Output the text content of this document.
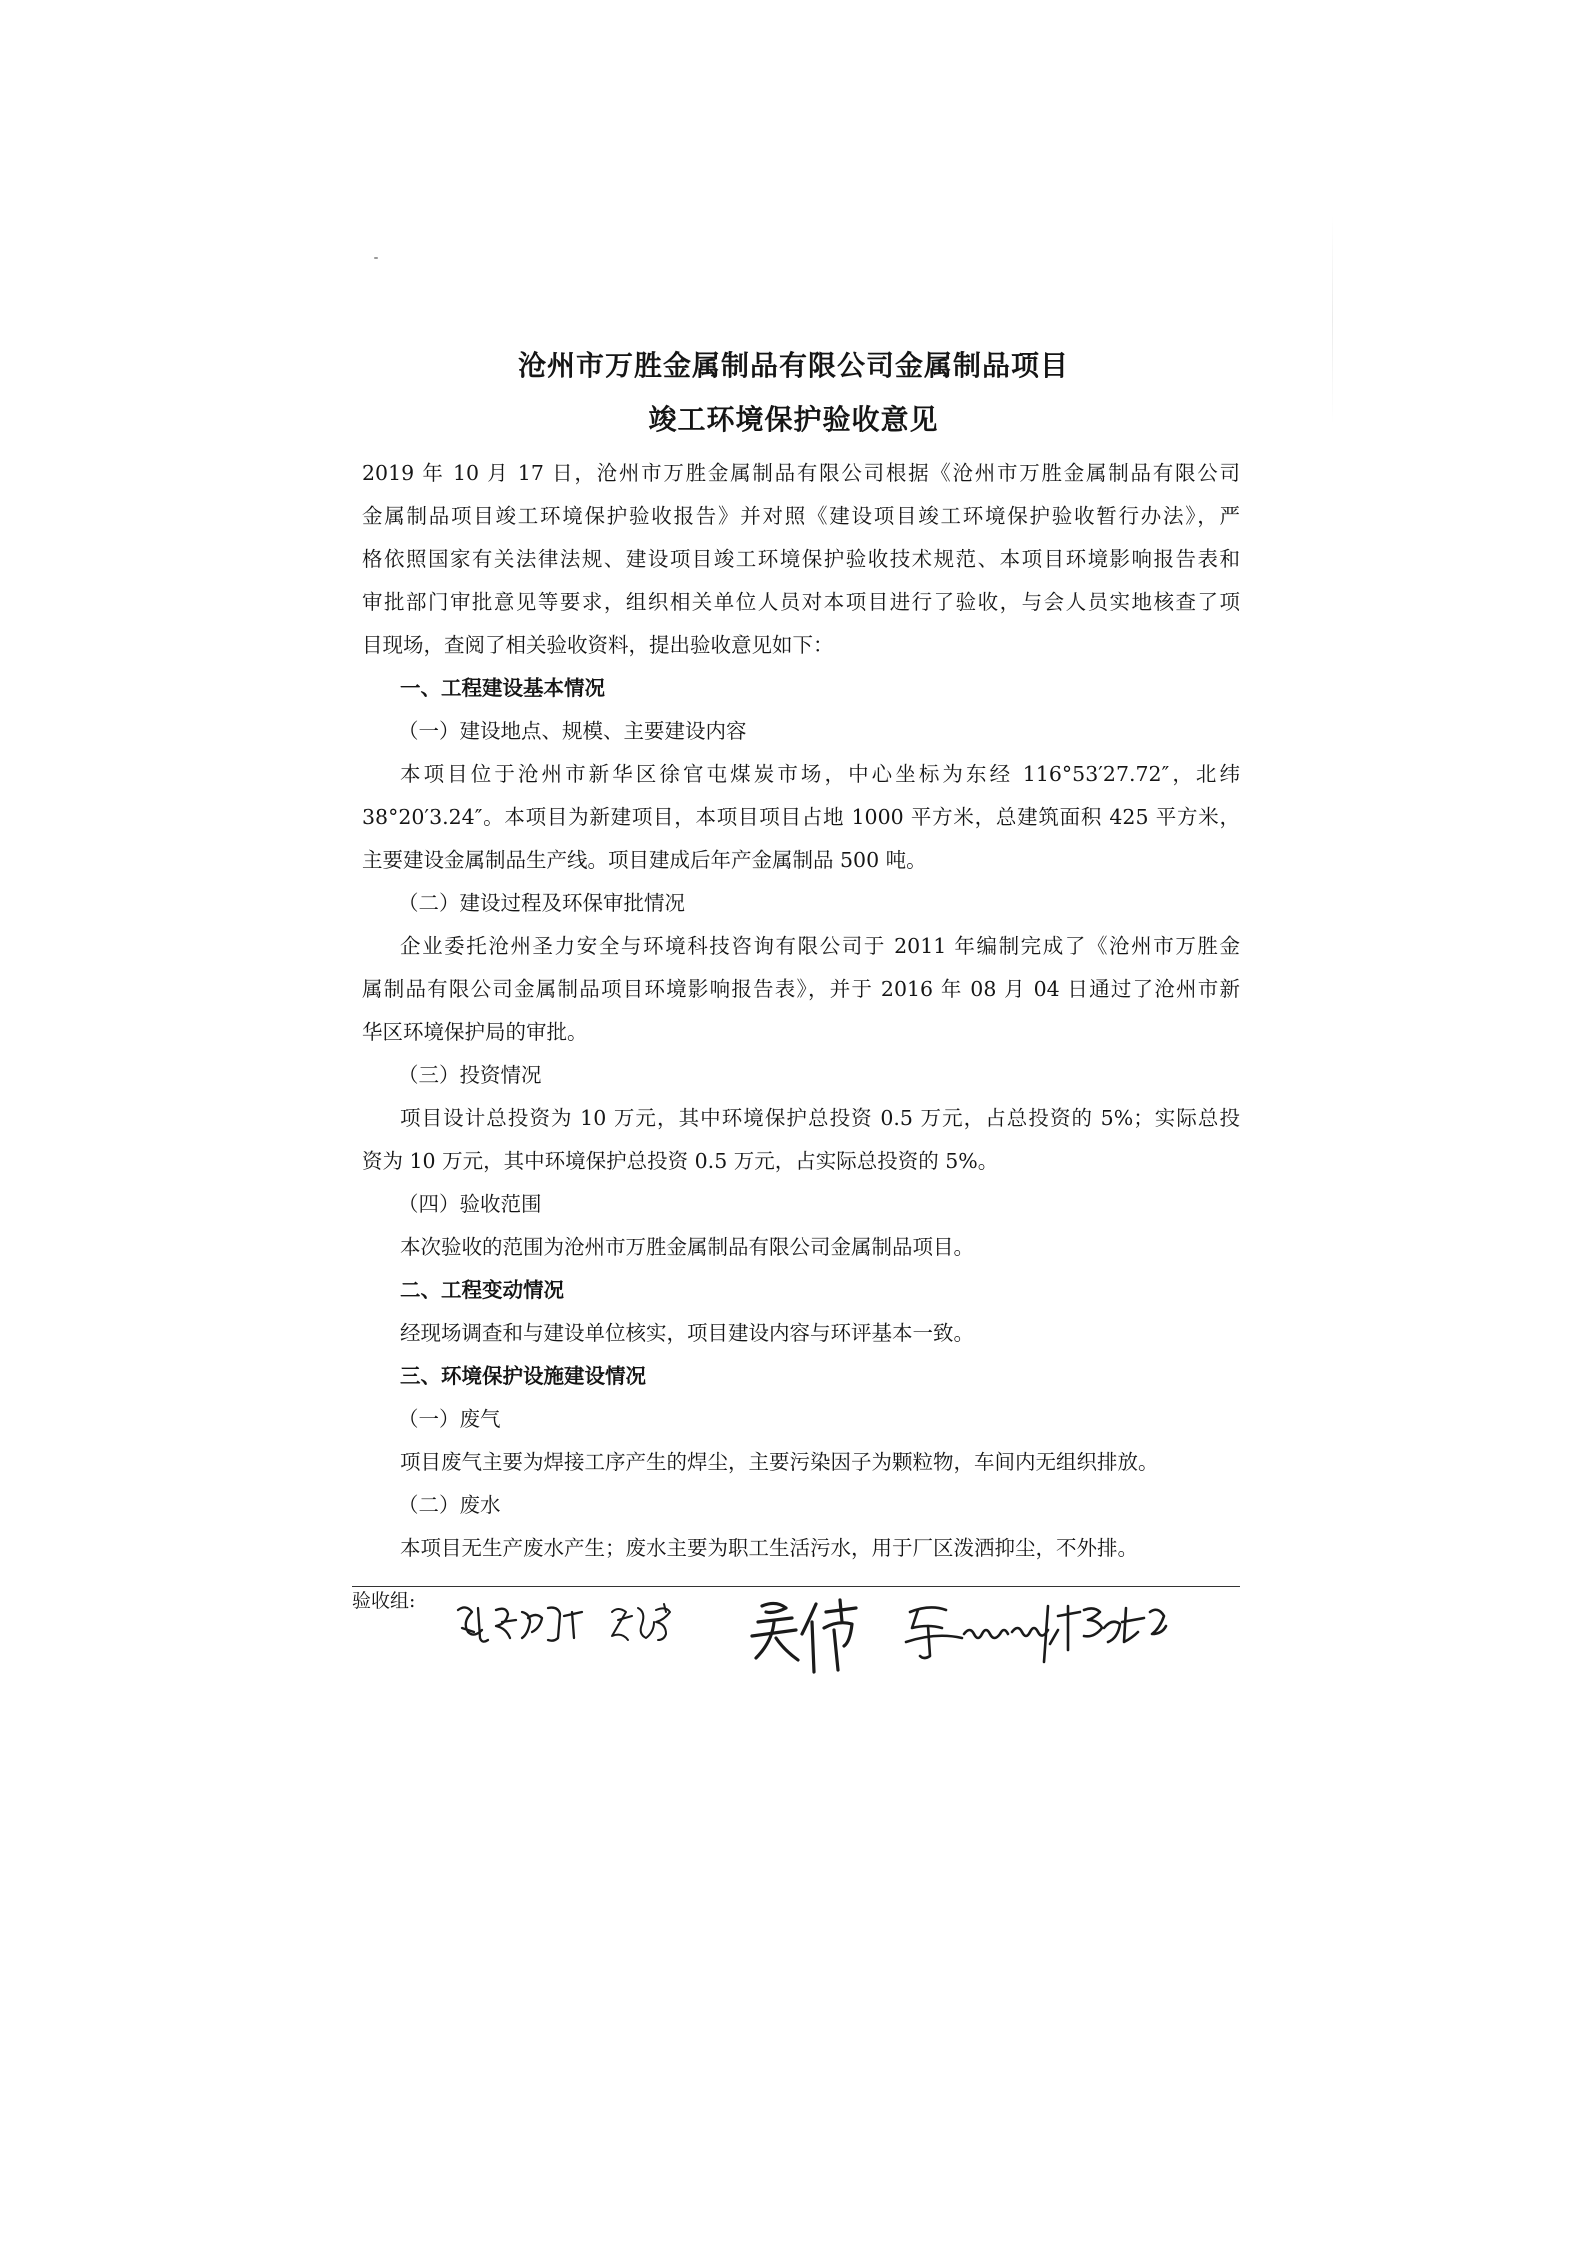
沧州市万胜金属制品有限公司金属制品项目
竣工环境保护验收意见
2019 年 10 月 17 日，沧州市万胜金属制品有限公司根据《沧州市万胜金属制品有限公司
金属制品项目竣工环境保护验收报告》并对照《建设项目竣工环境保护验收暂行办法》，严
格依照国家有关法律法规、建设项目竣工环境保护验收技术规范、本项目环境影响报告表和
审批部门审批意见等要求，组织相关单位人员对本项目进行了验收，与会人员实地核查了项
目现场，查阅了相关验收资料，提出验收意见如下：
一、工程建设基本情况
（一）建设地点、规模、主要建设内容
本项目位于沧州市新华区徐官屯煤炭市场，中心坐标为东经 116°53′27.72″，北纬
38°20′3.24″。本项目为新建项目，本项目项目占地 1000 平方米，总建筑面积 425 平方米，
主要建设金属制品生产线。项目建成后年产金属制品 500 吨。
（二）建设过程及环保审批情况
企业委托沧州圣力安全与环境科技咨询有限公司于 2011 年编制完成了《沧州市万胜金
属制品有限公司金属制品项目环境影响报告表》，并于 2016 年 08 月 04 日通过了沧州市新
华区环境保护局的审批。
（三）投资情况
项目设计总投资为 10 万元，其中环境保护总投资 0.5 万元，占总投资的 5%；实际总投
资为 10 万元，其中环境保护总投资 0.5 万元，占实际总投资的 5%。
（四）验收范围
本次验收的范围为沧州市万胜金属制品有限公司金属制品项目。
二、工程变动情况
经现场调查和与建设单位核实，项目建设内容与环评基本一致。
三、环境保护设施建设情况
（一）废气
项目废气主要为焊接工序产生的焊尘，主要污染因子为颗粒物，车间内无组织排放。
（二）废水
本项目无生产废水产生；废水主要为职工生活污水，用于厂区泼洒抑尘，不外排。
验收组:
